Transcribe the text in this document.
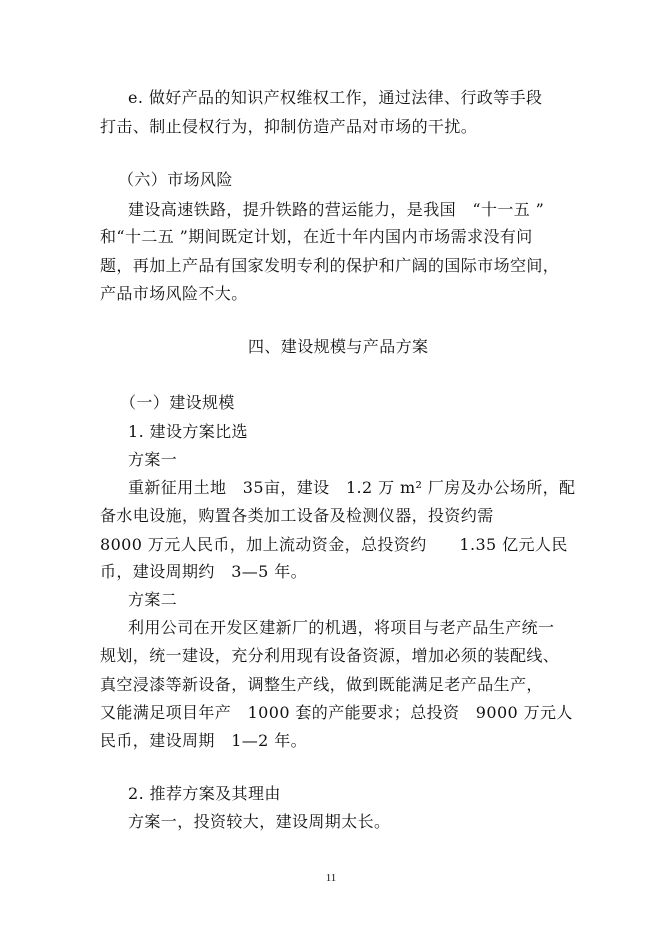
e. 做好产品的知识产权维权工作，通过法律、行政等手段
打击、制止侵权行为，抑制仿造产品对市场的干扰。
（六）市场风险
建设高速铁路，提升铁路的营运能力，是我国　“十一五 ”
和“十二五 ”期间既定计划，在近十年内国内市场需求没有问
题，再加上产品有国家发明专利的保护和广阔的国际市场空间，
产品市场风险不大。
四、建设规模与产品方案
（一）建设规模
1. 建设方案比选
方案一
重新征用土地　35亩，建设　1.2 万 m² 厂房及办公场所，配
备水电设施，购置各类加工设备及检测仪器，投资约需
8000 万元人民币，加上流动资金，总投资约　　1.35 亿元人民
币，建设周期约　3—5 年。
方案二
利用公司在开发区建新厂的机遇，将项目与老产品生产统一
规划，统一建设，充分利用现有设备资源，增加必须的装配线、
真空浸漆等新设备，调整生产线，做到既能满足老产品生产，
又能满足项目年产　1000 套的产能要求；总投资　9000 万元人
民币，建设周期　1—2 年。
2. 推荐方案及其理由
方案一，投资较大，建设周期太长。
11
